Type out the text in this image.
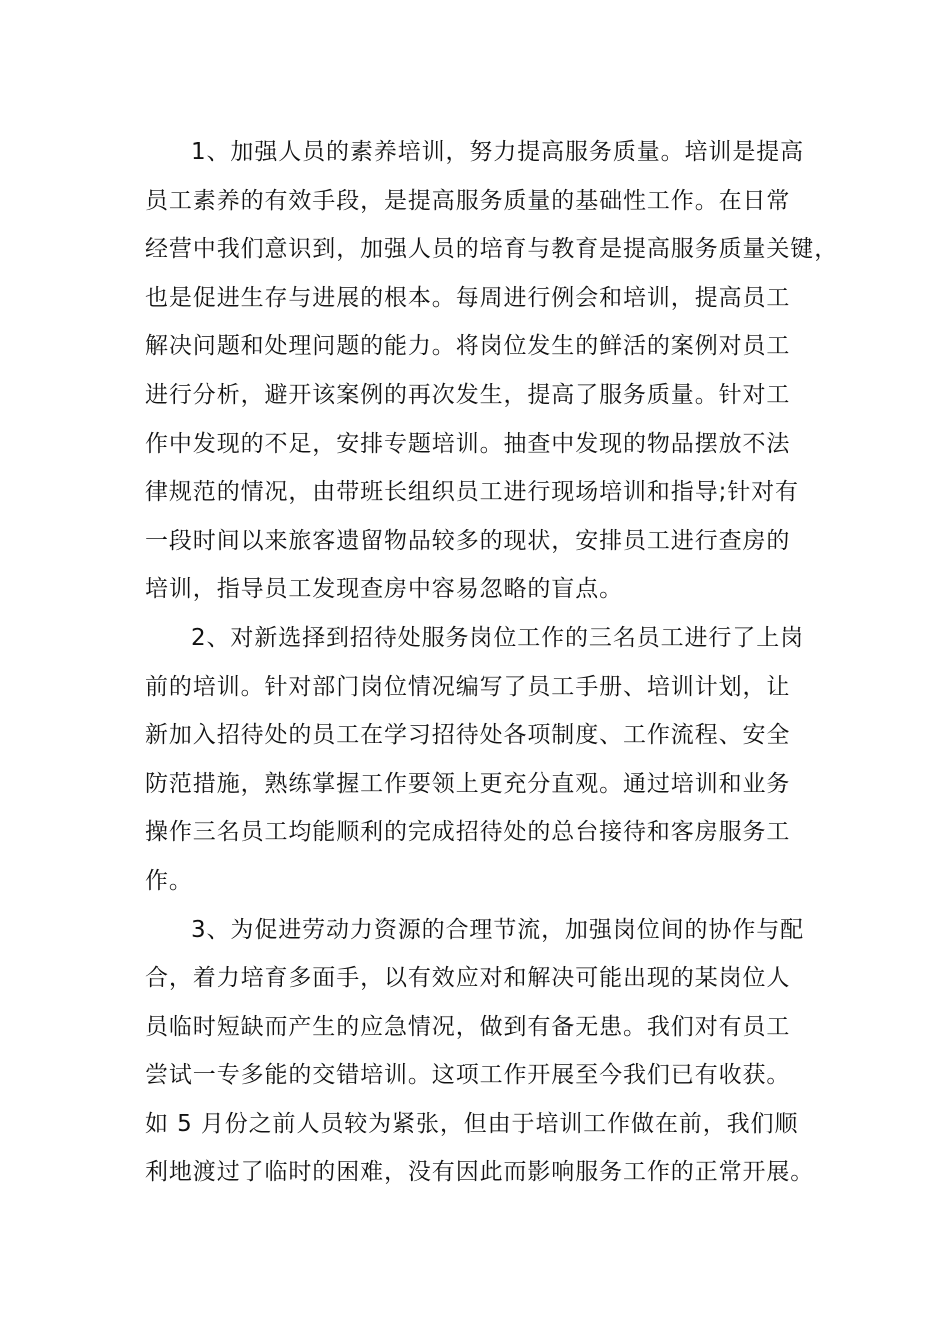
1、加强人员的素养培训，努力提高服务质量。培训是提高
员工素养的有效手段，是提高服务质量的基础性工作。在日常
经营中我们意识到，加强人员的培育与教育是提高服务质量关键，
也是促进生存与进展的根本。每周进行例会和培训，提高员工
解决问题和处理问题的能力。将岗位发生的鲜活的案例对员工
进行分析，避开该案例的再次发生，提高了服务质量。针对工
作中发现的不足，安排专题培训。抽查中发现的物品摆放不法
律规范的情况，由带班长组织员工进行现场培训和指导;针对有
一段时间以来旅客遗留物品较多的现状，安排员工进行查房的
培训，指导员工发现查房中容易忽略的盲点。
2、对新选择到招待处服务岗位工作的三名员工进行了上岗
前的培训。针对部门岗位情况编写了员工手册、培训计划，让
新加入招待处的员工在学习招待处各项制度、工作流程、安全
防范措施，熟练掌握工作要领上更充分直观。通过培训和业务
操作三名员工均能顺利的完成招待处的总台接待和客房服务工
作。
3、为促进劳动力资源的合理节流，加强岗位间的协作与配
合，着力培育多面手，以有效应对和解决可能出现的某岗位人
员临时短缺而产生的应急情况，做到有备无患。我们对有员工
尝试一专多能的交错培训。这项工作开展至今我们已有收获。
如 5 月份之前人员较为紧张，但由于培训工作做在前，我们顺
利地渡过了临时的困难，没有因此而影响服务工作的正常开展。
